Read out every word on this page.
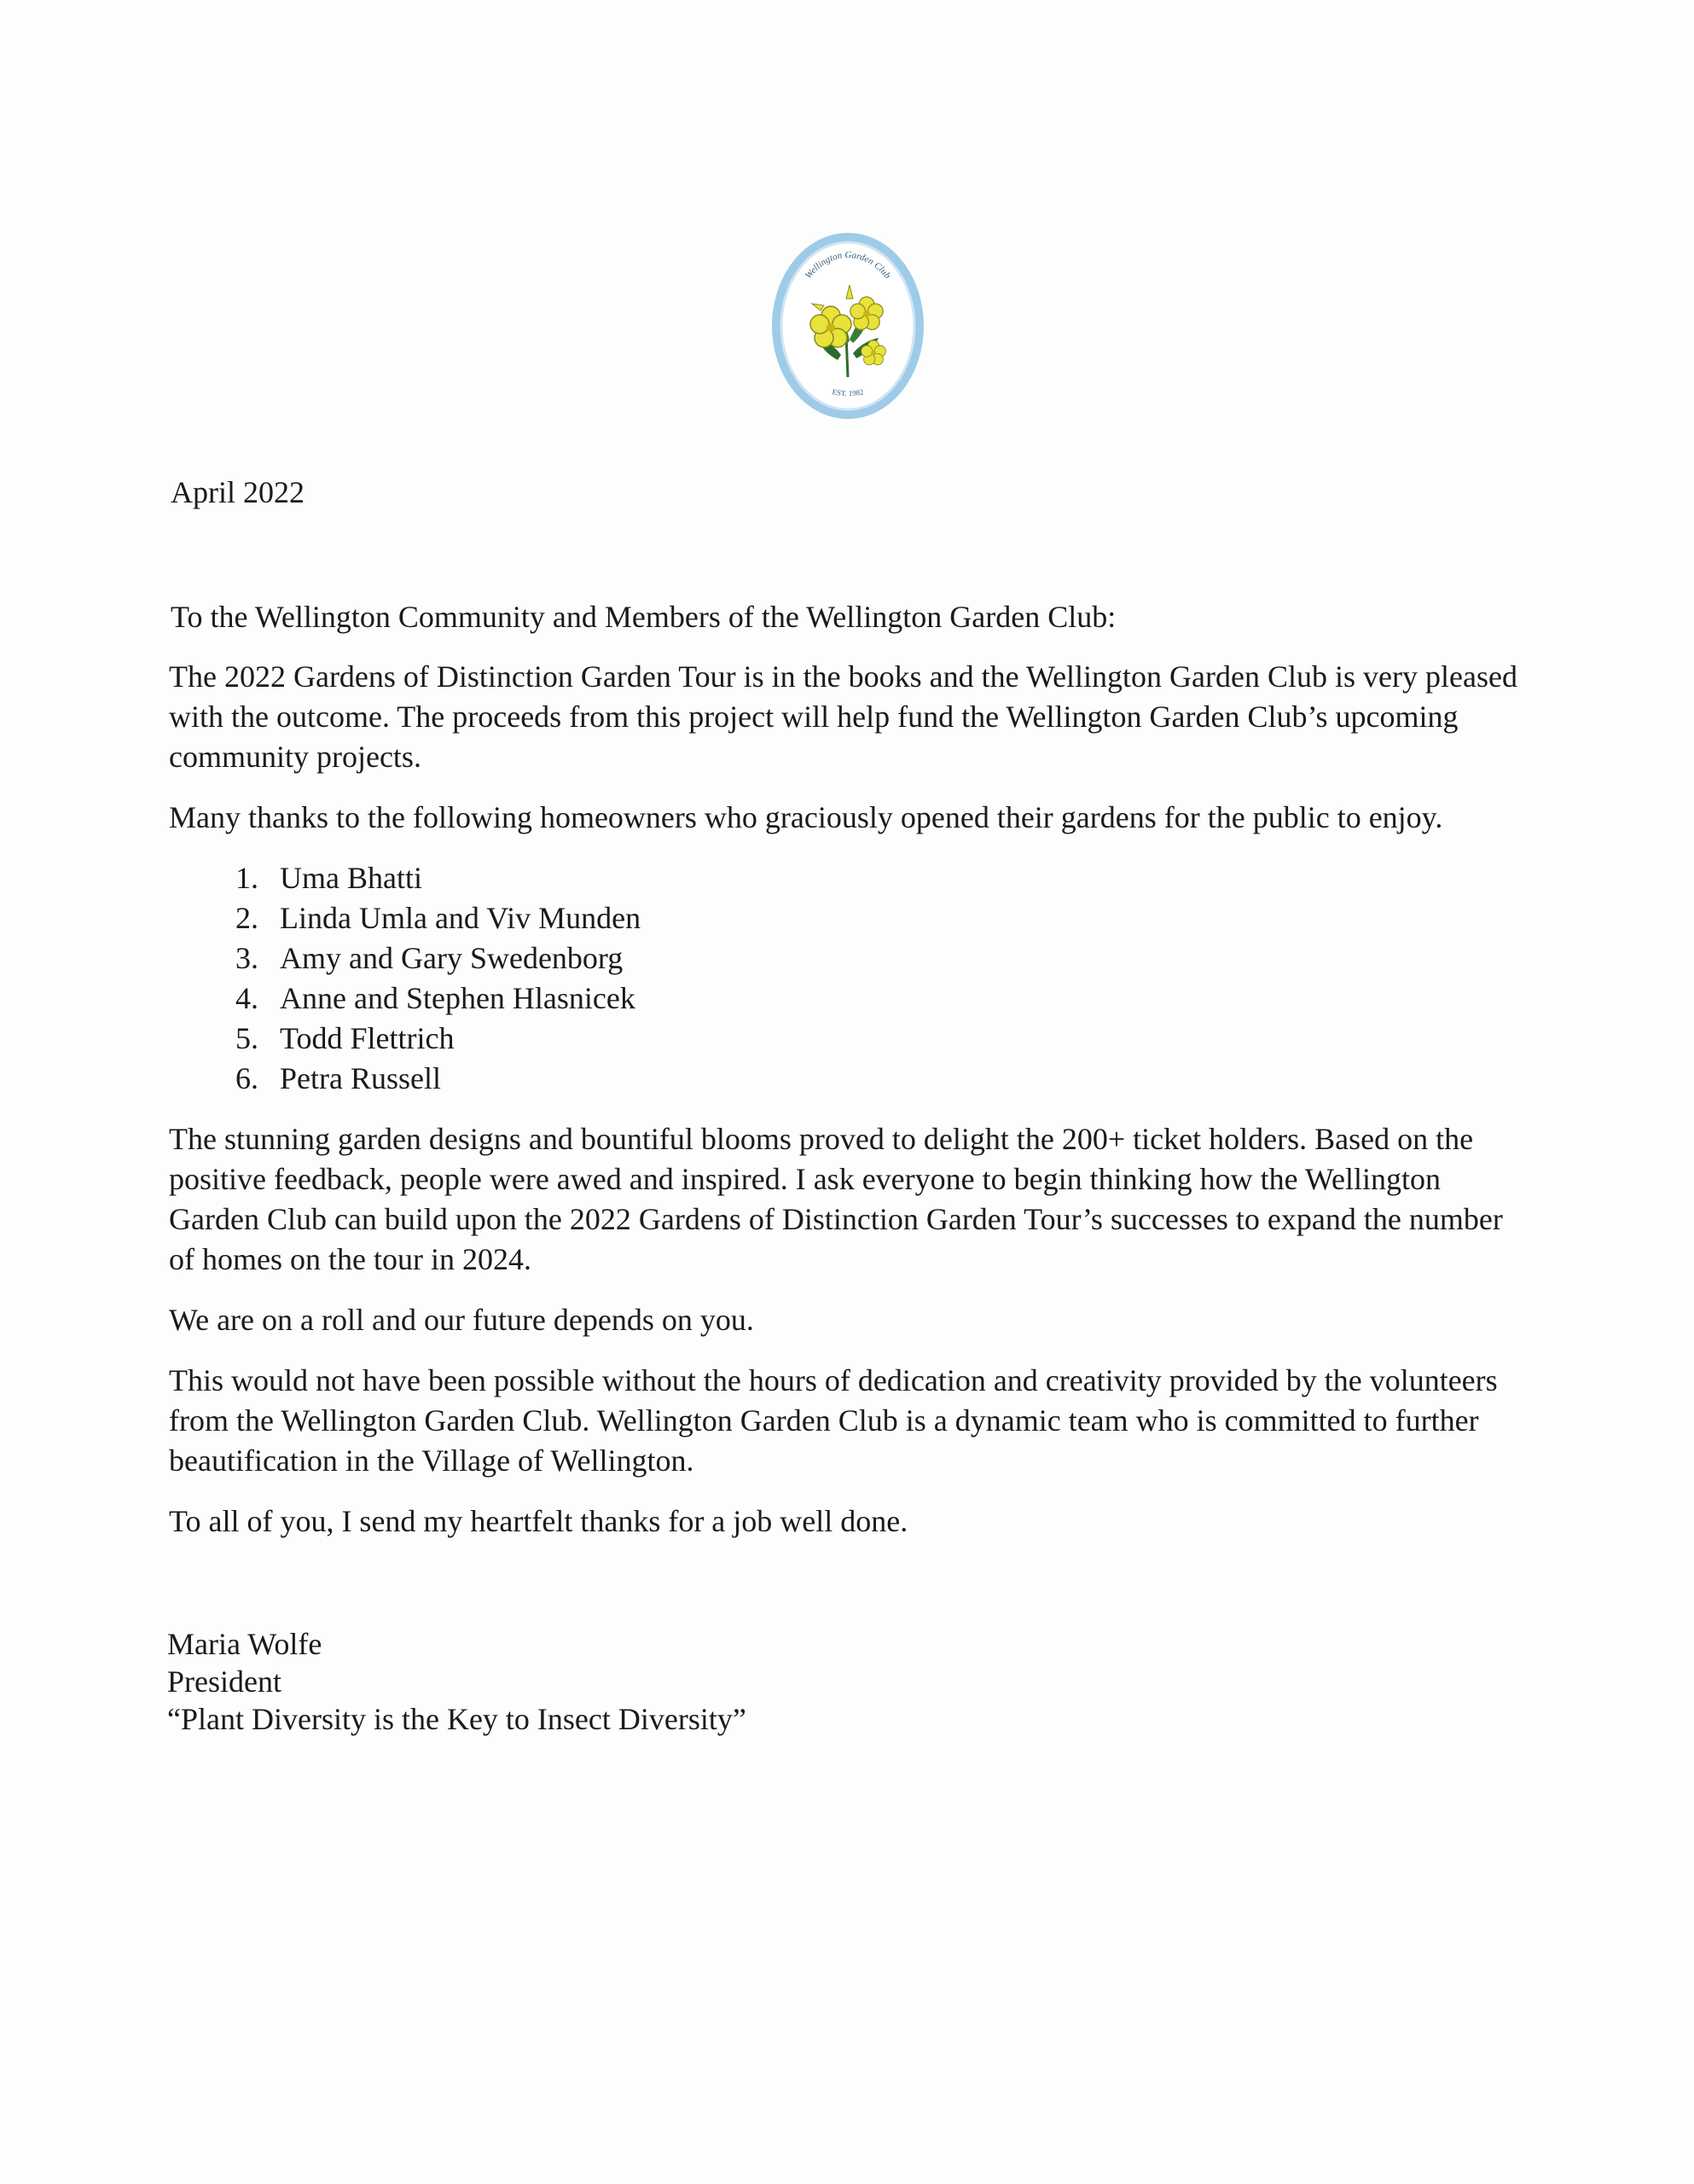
Wellington Garden Club
EST. 1982
April 2022
To the Wellington Community and Members of the Wellington Garden Club:

The 2022 Gardens of Distinction Garden Tour is in the books and the Wellington Garden Club is very pleased with the outcome. The proceeds from this project will help fund the Wellington Garden Club’s upcoming community projects.

Many thanks to the following homeowners who graciously opened their gardens for the public to enjoy.

1. Uma Bhatti
2. Linda Umla and Viv Munden
3. Amy and Gary Swedenborg
4. Anne and Stephen Hlasnicek
5. Todd Flettrich
6. Petra Russell

The stunning garden designs and bountiful blooms proved to delight the 200+ ticket holders. Based on the positive feedback, people were awed and inspired. I ask everyone to begin thinking how the Wellington Garden Club can build upon the 2022 Gardens of Distinction Garden Tour’s successes to expand the number of homes on the tour in 2024.

We are on a roll and our future depends on you.

This would not have been possible without the hours of dedication and creativity provided by the volunteers from the Wellington Garden Club. Wellington Garden Club is a dynamic team who is committed to further beautification in the Village of Wellington.

To all of you, I send my heartfelt thanks for a job well done.

Maria Wolfe
President
“Plant Diversity is the Key to Insect Diversity”
